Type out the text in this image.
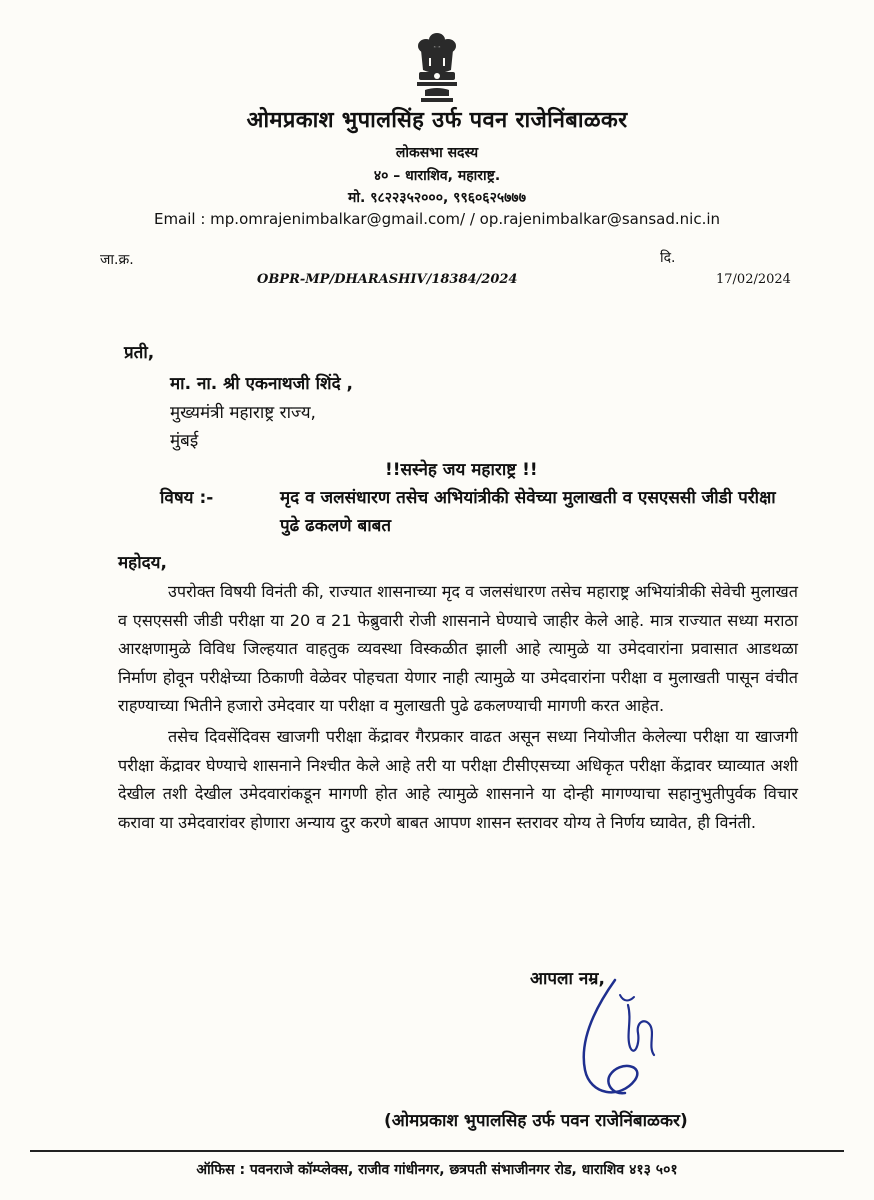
ओमप्रकाश भुपालसिंह उर्फ पवन राजेनिंबाळकर
लोकसभा सदस्य
४० – धाराशिव, महाराष्ट्र.
मो. ९८२२३५२०००, ९९६०६२५७७७
Email : mp.omrajenimbalkar@gmail.com/ / op.rajenimbalkar@sansad.nic.in
जा.क्र.
OBPR-MP/DHARASHIV/18384/2024
दि.
17/02/2024
प्रती,
मा. ना. श्री एकनाथजी शिंदे ,
मुख्यमंत्री महाराष्ट्र राज्य,
मुंबई
!!सस्नेह जय महाराष्ट्र !!
विषय :-	मृद व जलसंधारण तसेच अभियांत्रीकी सेवेच्या मुलाखती व एसएससी जीडी परीक्षा पुढे ढकलणे बाबत
महोदय,

उपरोक्त विषयी विनंती की, राज्यात शासनाच्या मृद व जलसंधारण तसेच महाराष्ट्र अभियांत्रीकी सेवेची मुलाखत व एसएससी जीडी परीक्षा या 20 व 21 फेब्रुवारी रोजी शासनाने घेण्याचे जाहीर केले आहे. मात्र राज्यात सध्या मराठा आरक्षणामुळे विविध जिल्हयात वाहतुक व्यवस्था विस्कळीत झाली आहे त्यामुळे या उमेदवारांना प्रवासात आडथळा निर्माण होवून परीक्षेच्या ठिकाणी वेळेवर पोहचता येणार नाही त्यामुळे या उमेदवारांना परीक्षा व मुलाखती पासून वंचीत राहण्याच्या भितीने हजारो उमेदवार या परीक्षा व मुलाखती पुढे ढकलण्याची मागणी करत आहेत.

तसेच दिवसेंदिवस खाजगी परीक्षा केंद्रावर गैरप्रकार वाढत असून सध्या नियोजीत केलेल्या परीक्षा या खाजगी परीक्षा केंद्रावर घेण्याचे शासनाने निश्चीत केले आहे तरी या परीक्षा टीसीएसच्या अधिकृत परीक्षा केंद्रावर घ्याव्यात अशी देखील तशी देखील उमेदवारांकडून मागणी होत आहे त्यामुळे शासनाने या दोन्ही मागण्याचा सहानुभुतीपुर्वक विचार करावा या उमेदवारांवर होणारा अन्याय दुर करणे बाबत आपण शासन स्तरावर योग्य ते निर्णय घ्यावेत, ही विनंती.

आपला नम्र,
(ओमप्रकाश भुपालसिह उर्फ पवन राजेनिंबाळकर)
ऑफिस : पवनराजे कॉम्प्लेक्स, राजीव गांधीनगर, छत्रपती संभाजीनगर रोड, धाराशिव ४१३ ५०१
